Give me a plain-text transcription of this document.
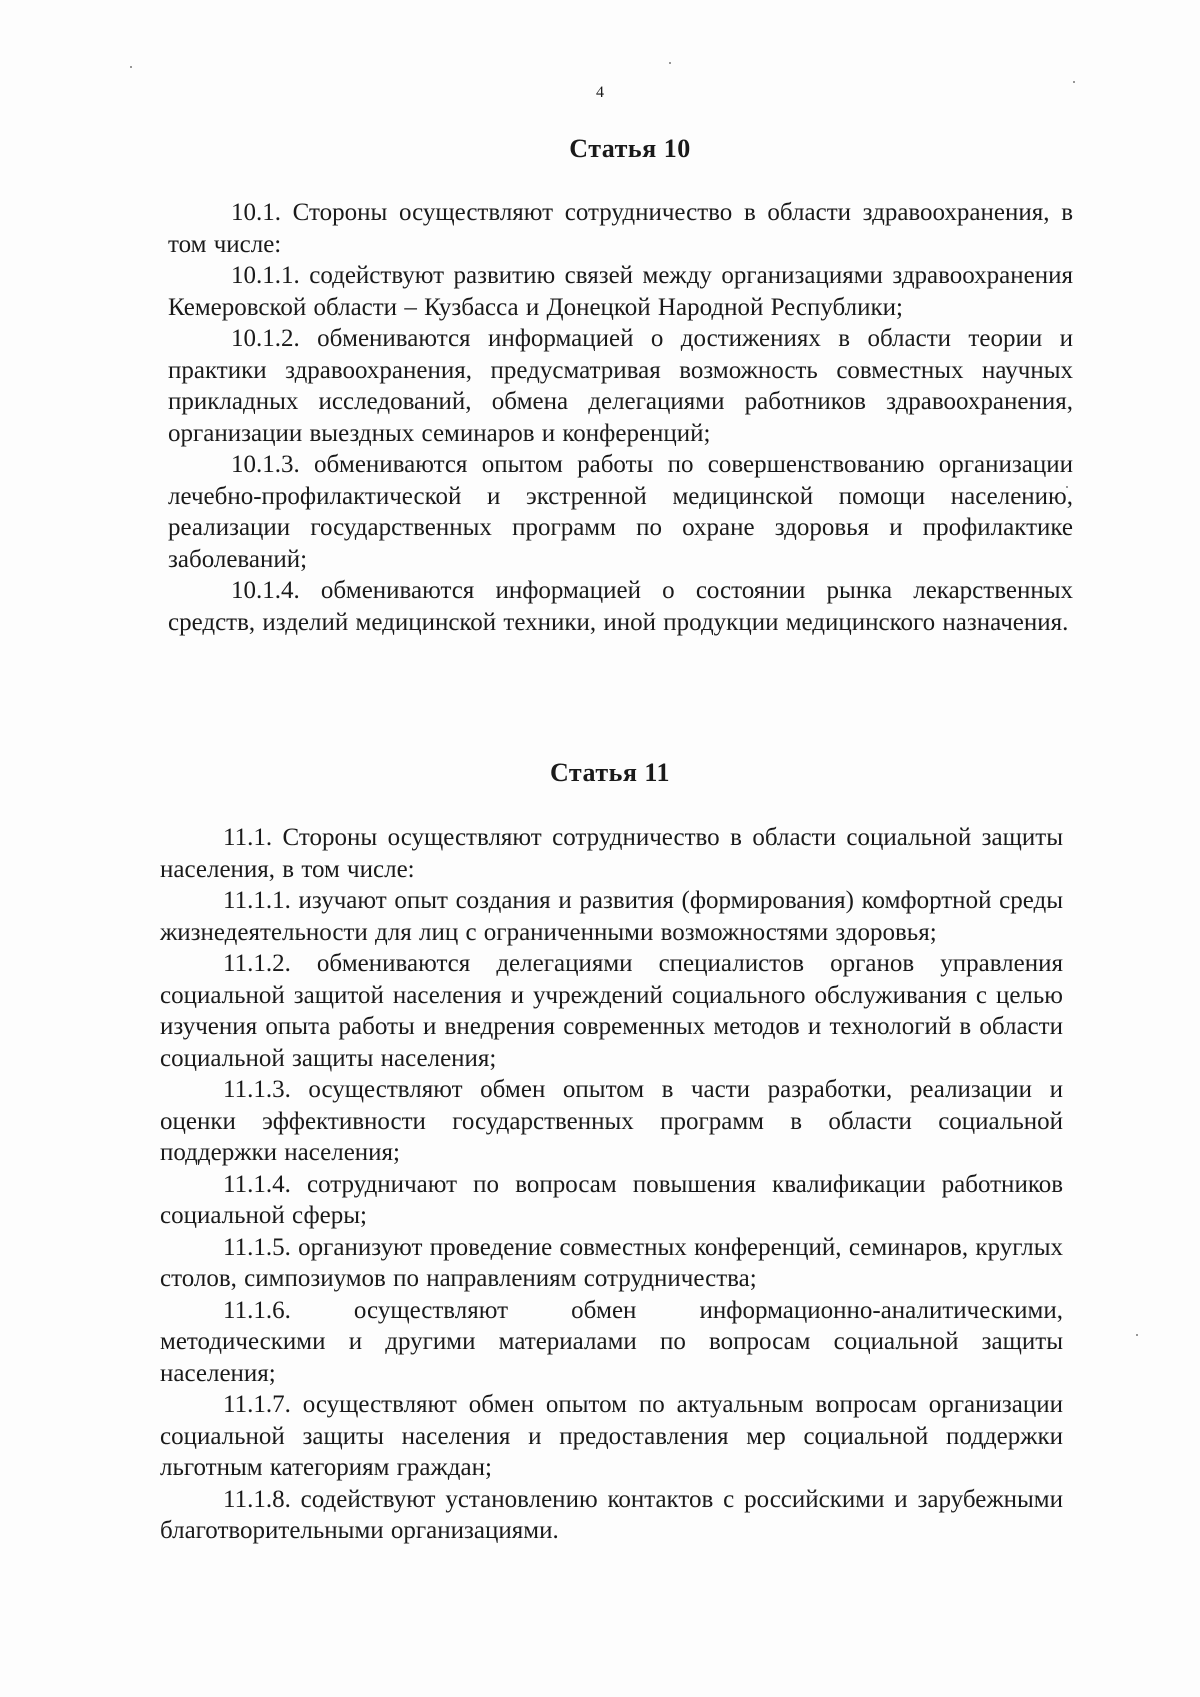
4
Статья 10

10.1. Стороны осуществляют сотрудничество в области здравоохранения, в том числе:

10.1.1. содействуют развитию связей между организациями здравоохранения Кемеровской области – Кузбасса и Донецкой Народной Республики;

10.1.2. обмениваются информацией о достижениях в области теории и практики здравоохранения, предусматривая возможность совместных научных прикладных исследований, обмена делегациями работников здравоохранения, организации выездных семинаров и конференций;

10.1.3. обмениваются опытом работы по совершенствованию организации лечебно-профилактической и экстренной медицинской помощи населению, реализации государственных программ по охране здоровья и профилактике заболеваний;

10.1.4. обмениваются информацией о состоянии рынка лекарственных средств, изделий медицинской техники, иной продукции медицинского назначения.

Статья 11

11.1. Стороны осуществляют сотрудничество в области социальной защиты населения, в том числе:

11.1.1. изучают опыт создания и развития (формирования) комфортной среды жизнедеятельности для лиц с ограниченными возможностями здоровья;

11.1.2. обмениваются делегациями специалистов органов управления социальной защитой населения и учреждений социального обслуживания с целью изучения опыта работы и внедрения современных методов и технологий в области социальной защиты населения;

11.1.3. осуществляют обмен опытом в части разработки, реализации и оценки эффективности государственных программ в области социальной поддержки населения;

11.1.4. сотрудничают по вопросам повышения квалификации работников социальной сферы;

11.1.5. организуют проведение совместных конференций, семинаров, круглых столов, симпозиумов по направлениям сотрудничества;

11.1.6. осуществляют обмен информационно-аналитическими, методическими и другими материалами по вопросам социальной защиты населения;

11.1.7. осуществляют обмен опытом по актуальным вопросам организации социальной защиты населения и предоставления мер социальной поддержки льготным категориям граждан;

11.1.8. содействуют установлению контактов с российскими и зарубежными благотворительными организациями.
